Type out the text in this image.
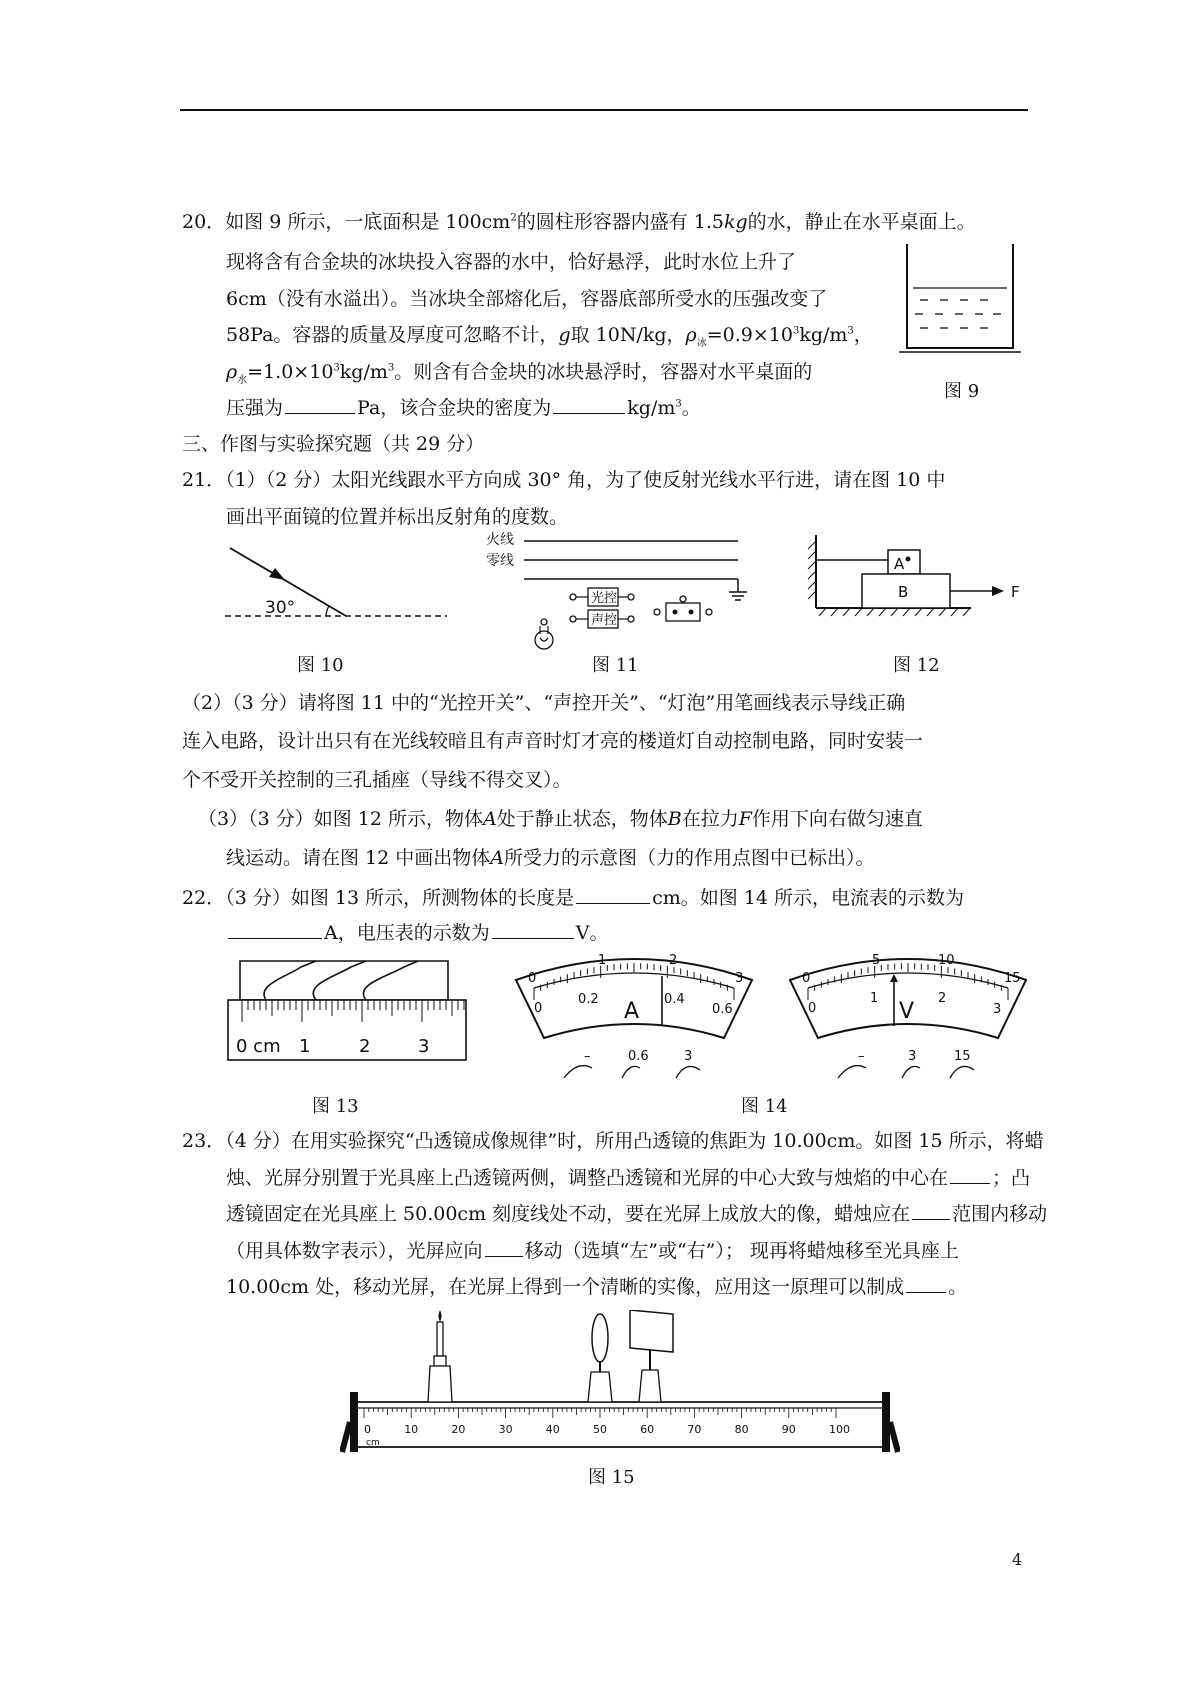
20．如图 9 所示，一底面积是 $100cm^2$的圆柱形容器内盛有 1.5kg的水，静止在水平桌面上。
现将含有合金块的冰块投入容器的水中，恰好悬浮，此时水位上升了
6cm（没有水溢出）。当冰块全部熔化后，容器底部所受水的压强改变了
58Pa。容器的质量及厚度可忽略不计，g取 10N/kg，$\rho_冰=0.9\times 10^3kg/m^3$，
$\rho_水=1.0\times 10^3kg/m^3$。则含有合金块的冰块悬浮时，容器对水平桌面的
压强为	Pa，该合金块的密度为	$kg/m^3$。
图 9
三、作图与实验探究题（共 29 分）
21．（1）（2 分）太阳光线跟水平方向成 30° 角，为了使反射光线水平行进，请在图 10 中
画出平面镜的位置并标出反射角的度数。
30°
图 10
火线
零线
光控
声控
图 11
A
B	F
图 12
（2）（3 分）请将图 11 中的“光控开关”、“声控开关”、“灯泡”用笔画线表示导线正确
连入电路，设计出只有在光线较暗且有声音时灯才亮的楼道灯自动控制电路，同时安装一
个不受开关控制的三孔插座（导线不得交叉）。
（3）（3 分）如图 12 所示，物体A处于静止状态，物体B在拉力F作用下向右做匀速直
线运动。请在图 12 中画出物体A所受力的示意图（力的作用点图中已标出）。
22．（3 分）如图 13 所示，所测物体的长度是	cm。如图 14 所示，电流表的示数为
A，电压表的示数为	V。
0 cm 1	2	3
图 13
0
1	2
3
0
0.2	0.4
0.6
A
–	0.6	3
0
5	10
15
0
1	2
3
V
–	3	15
图 14
23．（4 分）在用实验探究“凸透镜成像规律”时，所用凸透镜的焦距为 10.00cm。如图 15 所示，将蜡
烛、光屏分别置于光具座上凸透镜两侧，调整凸透镜和光屏的中心大致与烛焰的中心在 ；凸
透镜固定在光具座上 50.00cm 刻度线处不动，要在光屏上成放大的像，蜡烛应在 范围内移动
（用具体数字表示），光屏应向 移动（选填“左”或“右”）； 现再将蜡烛移至光具座上
10.00cm 处，移动光屏，在光屏上得到一个清晰的实像，应用这一原理可以制成 。
0	10	20	30	40	50	60	70	80	90	100
cm
图 15
4
